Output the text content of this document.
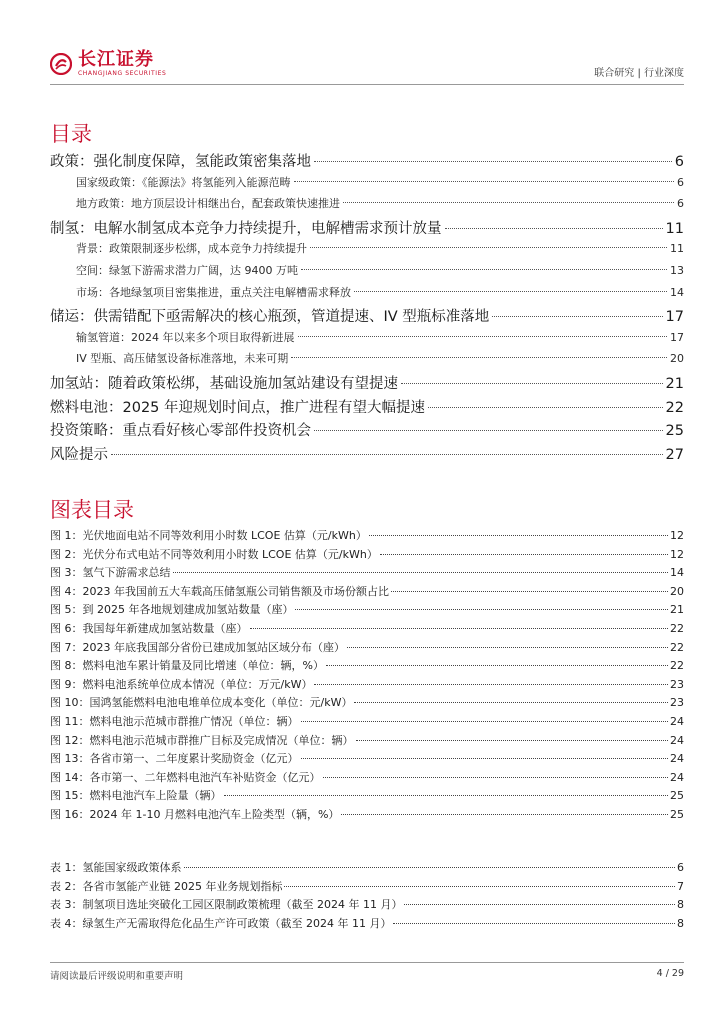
长江证券
CHANGJIANG SECURITIES	联合研究 | 行业深度
目录
政策：强化制度保障，氢能政策密集落地	6
国家级政策：《能源法》将氢能列入能源范畴	6
地方政策：地方顶层设计相继出台，配套政策快速推进	6
制氢：电解水制氢成本竞争力持续提升，电解槽需求预计放量	11
背景：政策限制逐步松绑，成本竞争力持续提升	11
空间：绿氢下游需求潜力广阔，达 9400 万吨	13
市场：各地绿氢项目密集推进，重点关注电解槽需求释放	14
储运：供需错配下亟需解决的核心瓶颈，管道提速、IV 型瓶标准落地	17
输氢管道：2024 年以来多个项目取得新进展	17
IV 型瓶、高压储氢设备标准落地，未来可期	20
加氢站：随着政策松绑，基础设施加氢站建设有望提速	21
燃料电池：2025 年迎规划时间点，推广进程有望大幅提速	22
投资策略：重点看好核心零部件投资机会	25
风险提示	27
图表目录
图 1：光伏地面电站不同等效利用小时数 LCOE 估算（元/kWh）	12
图 2：光伏分布式电站不同等效利用小时数 LCOE 估算（元/kWh）	12
图 3：氢气下游需求总结	14
图 4：2023 年我国前五大车载高压储氢瓶公司销售额及市场份额占比	20
图 5：到 2025 年各地规划建成加氢站数量（座）	21
图 6：我国每年新建成加氢站数量（座）	22
图 7：2023 年底我国部分省份已建成加氢站区域分布（座）	22
图 8：燃料电池车累计销量及同比增速（单位：辆，%）	22
图 9：燃料电池系统单位成本情况（单位：万元/kW）	23
图 10：国鸿氢能燃料电池电堆单位成本变化（单位：元/kW）	23
图 11：燃料电池示范城市群推广情况（单位：辆）	24
图 12：燃料电池示范城市群推广目标及完成情况（单位：辆）	24
图 13：各省市第一、二年度累计奖励资金（亿元）	24
图 14：各市第一、二年燃料电池汽车补贴资金（亿元）	24
图 15：燃料电池汽车上险量（辆）	25
图 16：2024 年 1-10 月燃料电池汽车上险类型（辆，%）	25
表 1：氢能国家级政策体系	6
表 2：各省市氢能产业链 2025 年业务规划指标	7
表 3：制氢项目选址突破化工园区限制政策梳理（截至 2024 年 11 月）	8
表 4：绿氢生产无需取得危化品生产许可政策（截至 2024 年 11 月）	8
请阅读最后评级说明和重要声明	4 / 29
